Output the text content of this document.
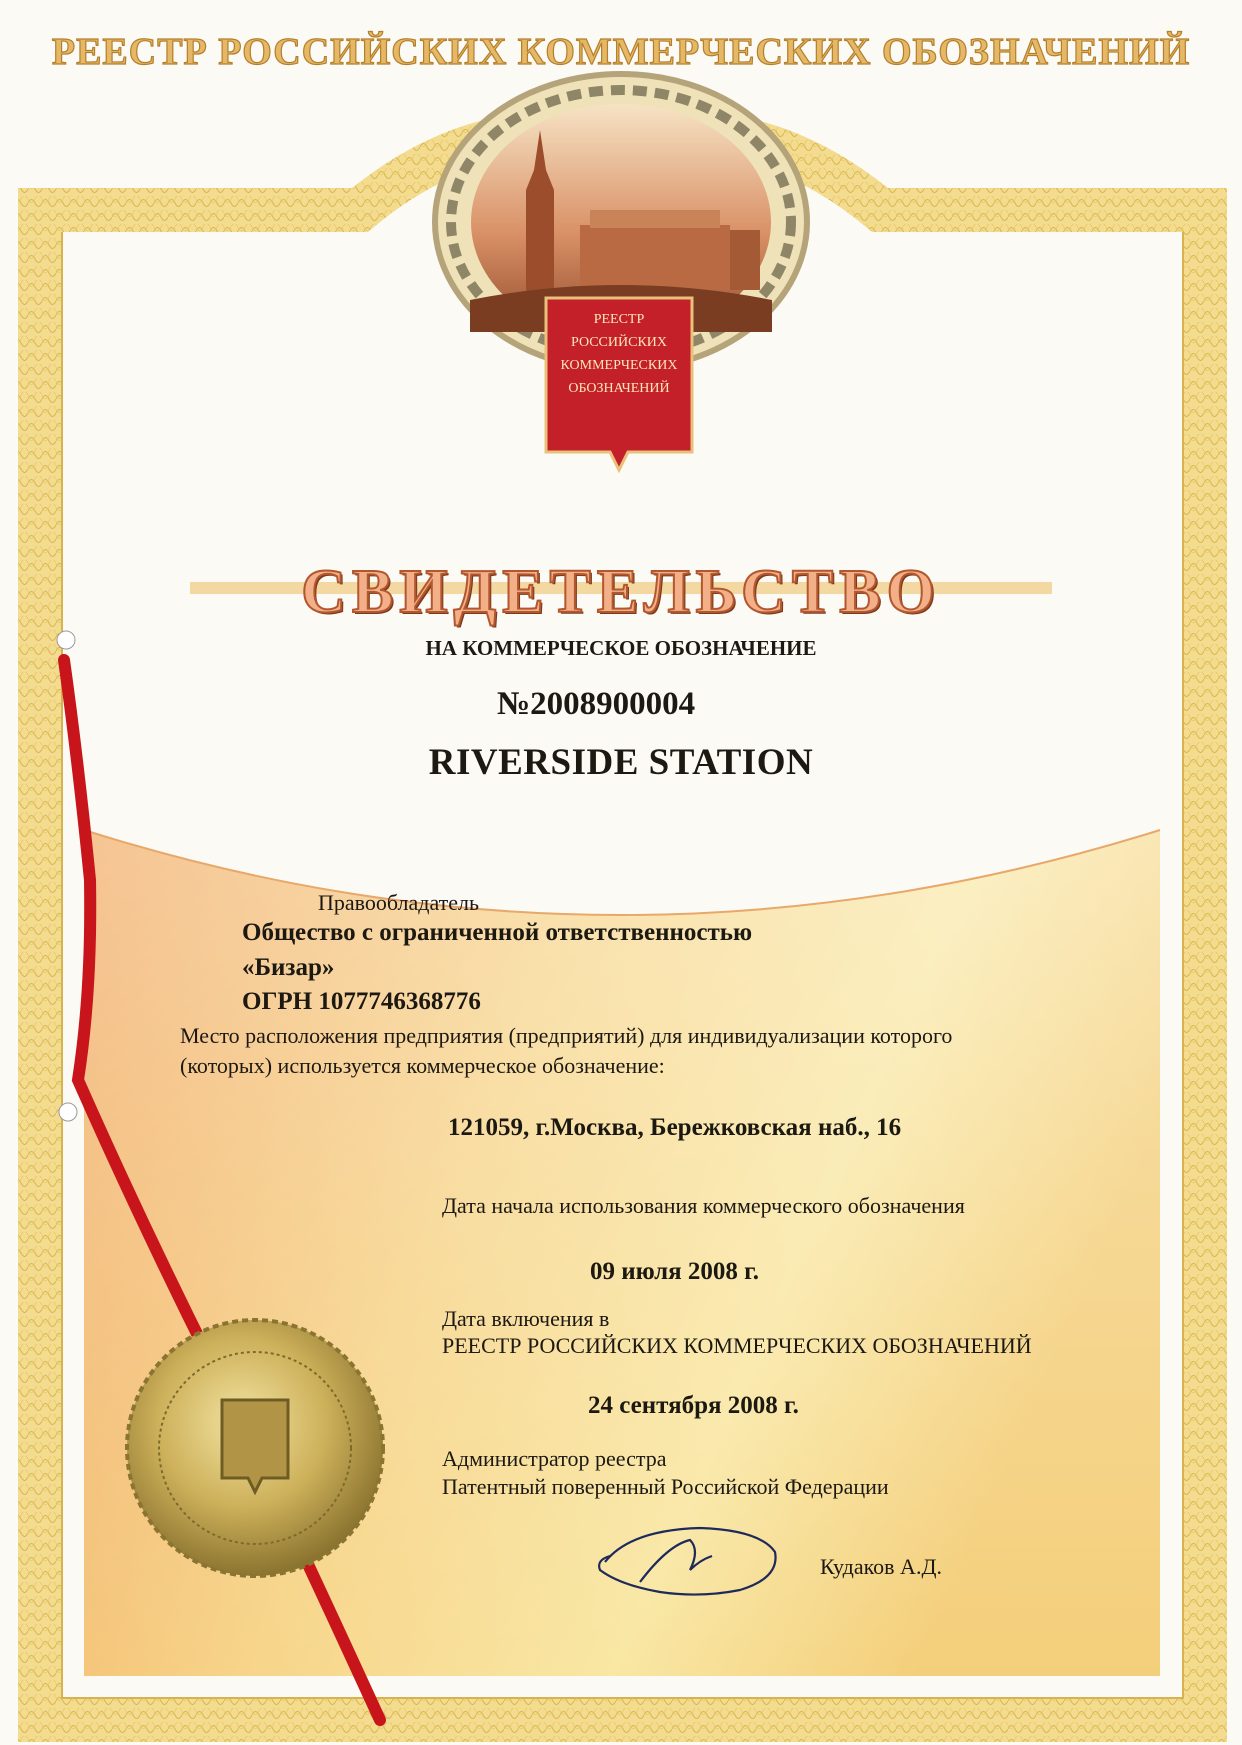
РЕЕСТР РОССИЙСКИХ КОММЕРЧЕСКИХ ОБОЗНАЧЕНИЙ
РЕЕСТР
РОССИЙСКИХ
КОММЕРЧЕСКИХ
ОБОЗНАЧЕНИЙ
СВИДЕТЕЛЬСТВО
НА КОММЕРЧЕСКОЕ ОБОЗНАЧЕНИЕ
№2008900004
RIVERSIDE STATION
Правообладатель
Общество с ограниченной ответственностью
«Бизар»
ОГРН 1077746368776
Место расположения предприятия (предприятий) для индивидуализации которого
(которых) используется коммерческое обозначение:
121059, г.Москва, Бережковская наб., 16
Дата начала использования коммерческого обозначения
09 июля 2008 г.
Дата включения в
РЕЕСТР РОССИЙСКИХ КОММЕРЧЕСКИХ ОБОЗНАЧЕНИЙ
24 сентября 2008 г.
Администратор реестра
Патентный поверенный Российской Федерации
Кудаков А.Д.
